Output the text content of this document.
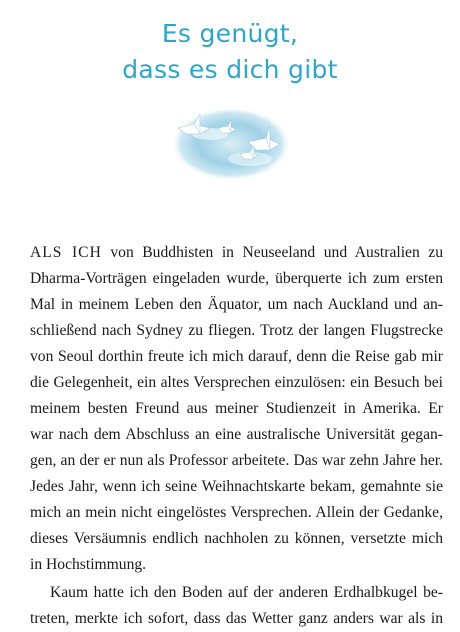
Es genügt,
dass es dich gibt
ALS ICH von Buddhisten in Neuseeland und Australien zu
Dharma-Vorträgen eingeladen wurde, überquerte ich zum ersten
Mal in meinem Leben den Äquator, um nach Auckland und an-
schließend nach Sydney zu fliegen. Trotz der langen Flugstrecke
von Seoul dorthin freute ich mich darauf, denn die Reise gab mir
die Gelegenheit, ein altes Versprechen einzulösen: ein Besuch bei
meinem besten Freund aus meiner Studienzeit in Amerika. Er
war nach dem Abschluss an eine australische Universität gegan-
gen, an der er nun als Professor arbeitete. Das war zehn Jahre her.
Jedes Jahr, wenn ich seine Weihnachtskarte bekam, gemahnte sie
mich an mein nicht eingelöstes Versprechen. Allein der Gedanke,
dieses Versäumnis endlich nachholen zu können, versetzte mich
in Hochstimmung.
Kaum hatte ich den Boden auf der anderen Erdhalbkugel be-
treten, merkte ich sofort, dass das Wetter ganz anders war als in
